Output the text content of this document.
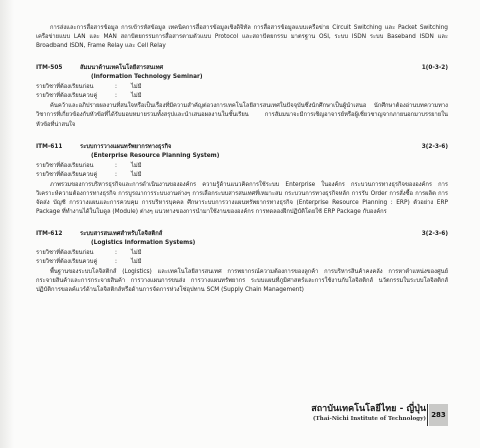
การส่งและการสื่อสารข้อมูล การเข้ารหัสข้อมูล เทคนิคการสื่อสารข้อมูลเชิงดิจิทัล การสื่อสารข้อมูลแบบเครือข่าย Circuit Switching และ Packet Switching เครือข่ายแบบ LAN และ MAN สถาปัตยกรรมการสื่อสารตามตัวแบบ Protocol และสถาปัตยกรรม มาตรฐาน OSI, ระบบ ISDN ระบบ Baseband ISDN และ Broadband ISDN, Frame Relay และ Cell Relay

ITM-505	สัมมนาด้านเทคโนโลยีสารสนเทศ	1(0-3-2)
(Information Technology Seminar)
รายวิชาที่ต้องเรียนก่อน	: ไม่มี
รายวิชาที่ต้องเรียนควบคู่	: ไม่มี

ค้นคว้าและอภิปรายผลงานที่สนใจหรือเป็นเรื่องที่มีความสำคัญต่อวงการเทคโนโลยีสารสนเทศในปัจจุบันซึ่งนักศึกษาเป็นผู้นำเสนอ นักศึกษาต้องอ่านบทความทางวิชาการที่เกี่ยวข้องกับหัวข้อที่ได้รับมอบหมายรวมทั้งสรุปและนำเสนอผลงานในชั้นเรียน การสัมมนาจะมีการเชิญอาจารย์หรือผู้เชี่ยวชาญจากภายนอกมาบรรยายในหัวข้อที่น่าสนใจ

ITM-611	ระบบการวางแผนทรัพยากรทางธุรกิจ	3(2-3-6)
(Enterprise Resource Planning System)
รายวิชาที่ต้องเรียนก่อน	: ไม่มี
รายวิชาที่ต้องเรียนควบคู่	: ไม่มี

ภาพรวมของการบริหารธุรกิจและการดำเนินงานขององค์กร ความรู้ด้านแนวคิดการใช้ระบบ Enterprise ในองค์กร กระบวนการทางธุรกิจขององค์กร การวิเคราะห์ความต้องการทางธุรกิจ การบูรณาการระบบงานต่างๆ การเลือกระบบสารสนเทศที่เหมาะสม กระบวนการทางธุรกิจหลัก การรับ Order การสั่งซื้อ การผลิต การจัดส่ง บัญชี การวางแผนและการควบคุม การบริหารบุคคล ศึกษาระบบการวางแผนทรัพยากรทางธุรกิจ (Enterprise Resource Planning : ERP) ตัวอย่าง ERP Package ที่ทำงานได้ในโมดูล (Module) ต่างๆ แนวทางของการนำมาใช้งานขององค์กร การทดลองฝึกปฏิบัติโดยใช้ ERP Package กับองค์กร

ITM-612	ระบบสารสนเทศสำหรับโลจิสติกส์	3(2-3-6)
(Logistics Information Systems)
รายวิชาที่ต้องเรียนก่อน	: ไม่มี
รายวิชาที่ต้องเรียนควบคู่	: ไม่มี

พื้นฐานของระบบโลจิสติกส์ (Logistics) และเทคโนโลยีสารสนเทศ การพยากรณ์ความต้องการของลูกค้า การบริหารสินค้าคงคลัง การหาตำแหน่งของศูนย์กระจายสินค้าและการกระจายสินค้า การวางแผนการขนส่ง การวางแผนทรัพยากร ระบบแผนที่ภูมิศาสตร์และการใช้งานกับโลจิสติกส์ นวัตกรรมในระบบโลจิสติกส์ ปฏิบัติการขอลค์แวร์ด้านโลจิสติกส์หรือด้านการจัดการห่วงโซ่อุปทาน SCM (Supply Chain Management)

สถาบันเทคโนโลยีไทย - ญี่ปุ่น
(Thai-Nichi Institute of Technology) 283
